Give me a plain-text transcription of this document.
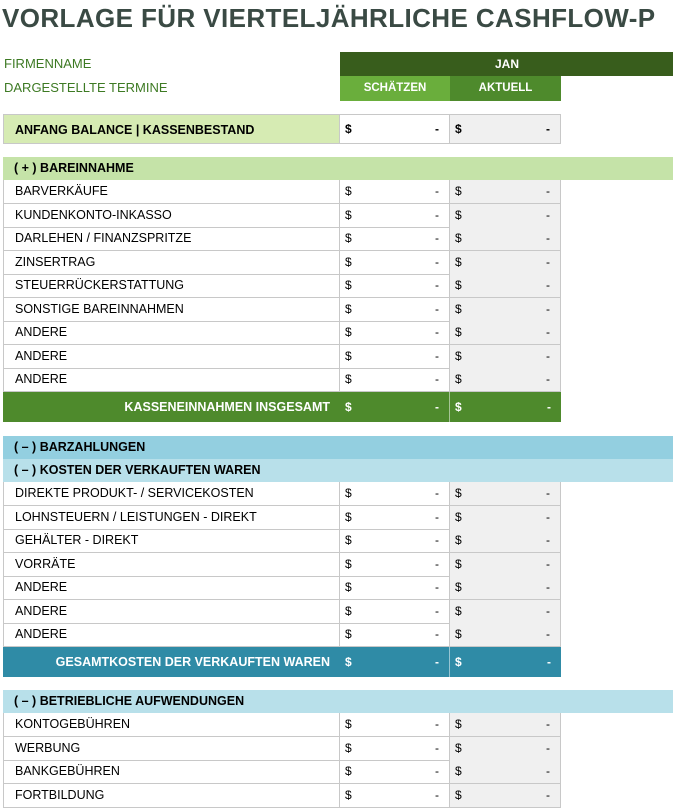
VORLAGE FÜR VIERTELJÄHRLICHE CASHFLOW-P
FIRMENNAME
DARGESTELLTE TERMINE
JAN
SCHÄTZEN	AKTUELL
ANFANG BALANCE | KASSENBESTAND	$	- $	-
( + ) BAREINNAHME
BARVERKÄUFE	$	- $	-
KUNDENKONTO-INKASSO	$	- $	-
DARLEHEN / FINANZSPRITZE	$	- $	-
ZINSERTRAG	$	- $	-
STEUERRÜCKERSTATTUNG	$	- $	-
SONSTIGE BAREINNAHMEN	$	- $	-
ANDERE	$	- $	-
ANDERE	$	- $	-
ANDERE	$	- $	-
KASSENEINNAHMEN INSGESAMT	$	- $	-
( – ) BARZAHLUNGEN
( – ) KOSTEN DER VERKAUFTEN WAREN
DIREKTE PRODUKT- / SERVICEKOSTEN	$	- $	-
LOHNSTEUERN / LEISTUNGEN - DIREKT	$	- $	-
GEHÄLTER - DIREKT	$	- $	-
VORRÄTE	$	- $	-
ANDERE	$	- $	-
ANDERE	$	- $	-
ANDERE	$	- $	-
GESAMTKOSTEN DER VERKAUFTEN WAREN	$	- $	-
( – ) BETRIEBLICHE AUFWENDUNGEN
KONTOGEBÜHREN	$	- $	-
WERBUNG	$	- $	-
BANKGEBÜHREN	$	- $	-
FORTBILDUNG	$	- $	-
